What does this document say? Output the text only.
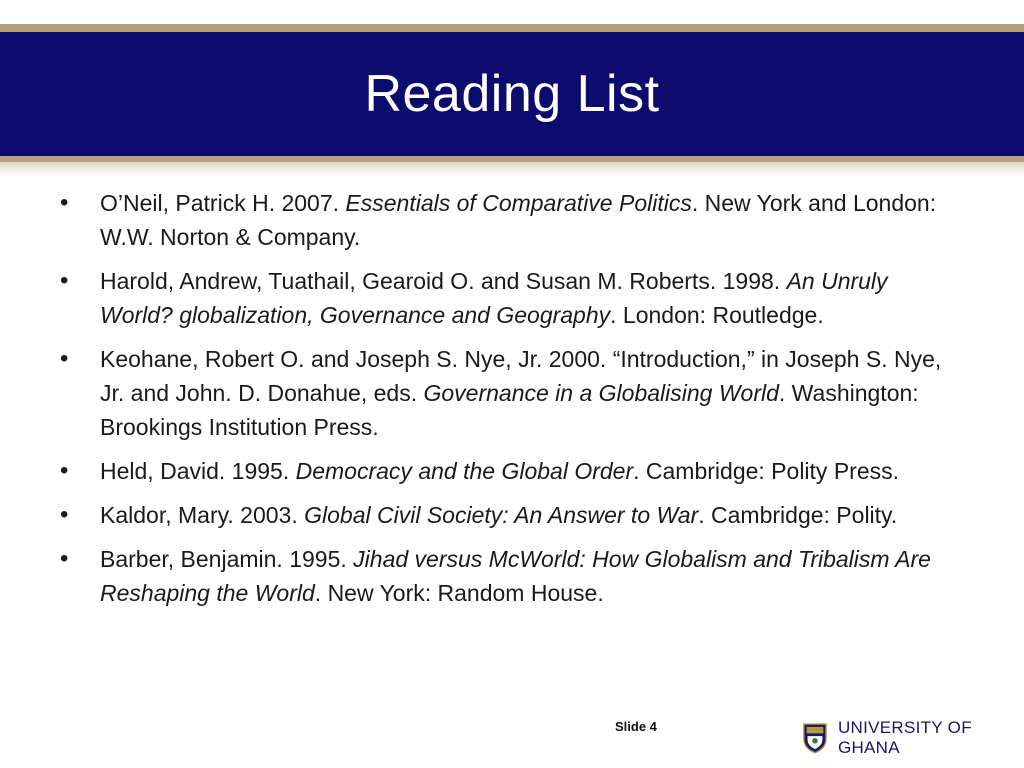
Reading List
• O’Neil, Patrick H. 2007. Essentials of Comparative Politics. New York and London: W.W. Norton & Company.
• Harold, Andrew, Tuathail, Gearoid O. and Susan M. Roberts. 1998. An Unruly World? globalization, Governance and Geography. London: Routledge.
• Keohane, Robert O. and Joseph S. Nye, Jr. 2000. “Introduction,” in Joseph S. Nye, Jr. and John. D. Donahue, eds. Governance in a Globalising World. Washington: Brookings Institution Press.
• Held, David. 1995. Democracy and the Global Order. Cambridge: Polity Press.
• Kaldor, Mary. 2003. Global Civil Society: An Answer to War. Cambridge: Polity.
• Barber, Benjamin. 1995. Jihad versus McWorld: How Globalism and Tribalism Are Reshaping the World. New York: Random House.
Slide 4	UNIVERSITY OF GHANA
